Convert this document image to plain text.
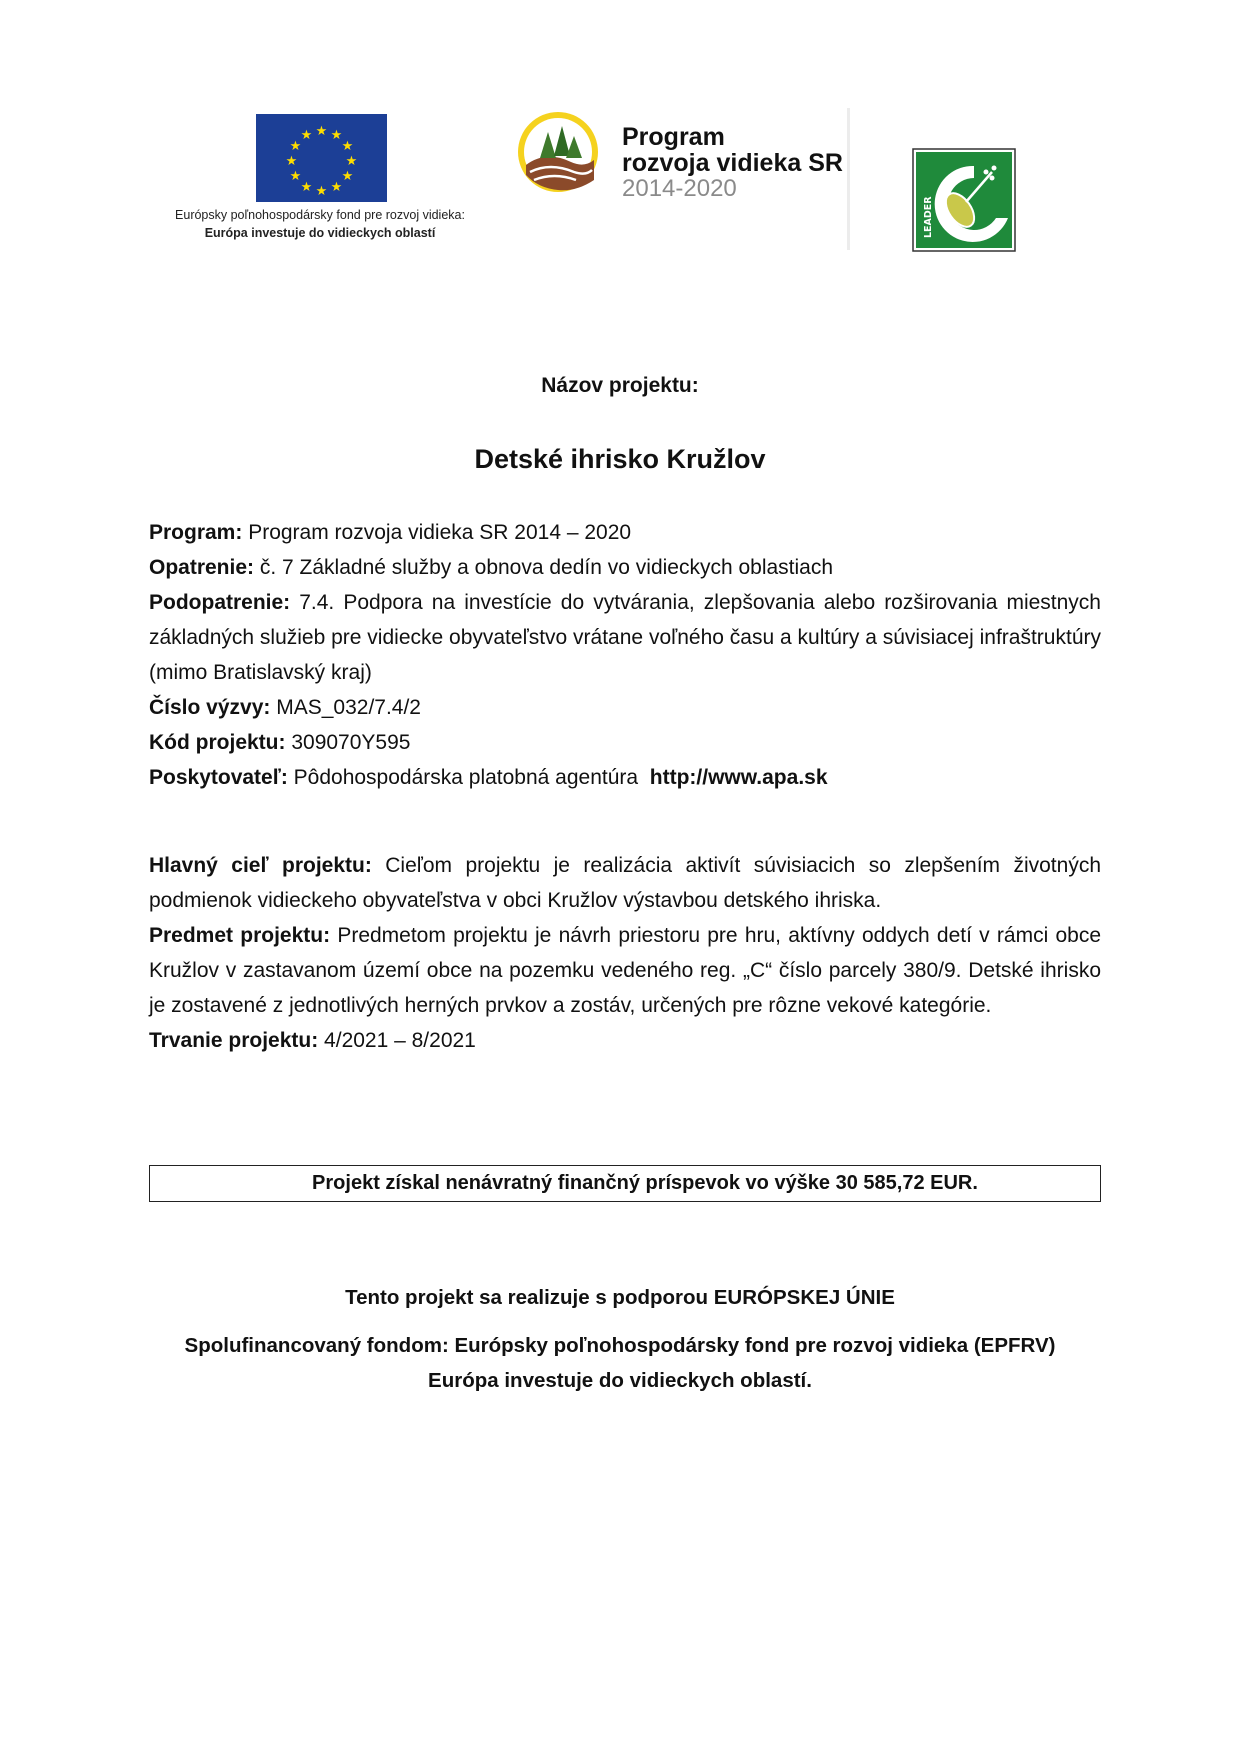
★ ★
★
★
★
★
★
★
★
★
★
★
Európsky poľnohospodársky fond pre rozvoj vidieka:
Európa investuje do vidieckych oblastí
Program
rozvoja vidieka SR
2014-2020
LEADER
Názov projektu:
Detské ihrisko Kružlov

Program: Program rozvoja vidieka SR 2014 – 2020

Opatrenie: č. 7 Základné služby a obnova dedín vo vidieckych oblastiach

Podopatrenie: 7.4. Podpora na investície do vytvárania, zlepšovania alebo rozširovania miestnych základných služieb pre vidiecke obyvateľstvo vrátane voľného času a kultúry a súvisiacej infraštruktúry (mimo Bratislavský kraj)

Číslo výzvy: MAS_032/7.4/2

Kód projektu: 309070Y595

Poskytovateľ: Pôdohospodárska platobná agentúra  http://www.apa.sk

Hlavný cieľ projektu: Cieľom projektu je realizácia aktivít súvisiacich so zlepšením životných podmienok vidieckeho obyvateľstva v obci Kružlov výstavbou detského ihriska.

Predmet projektu: Predmetom projektu je návrh priestoru pre hru, aktívny oddych detí v rámci obce Kružlov v zastavanom území obce na pozemku vedeného reg. „C“ číslo parcely 380/9. Detské ihrisko je zostavené z jednotlivých herných prvkov a zostáv, určených pre rôzne vekové kategórie.

Trvanie projektu: 4/2021 – 8/2021

Projekt získal nenávratný finančný príspevok vo výške 30 585,72 EUR.
Tento projekt sa realizuje s podporou EURÓPSKEJ ÚNIE
Spolufinancovaný fondom: Európsky poľnohospodársky fond pre rozvoj vidieka (EPFRV)
Európa investuje do vidieckych oblastí.
